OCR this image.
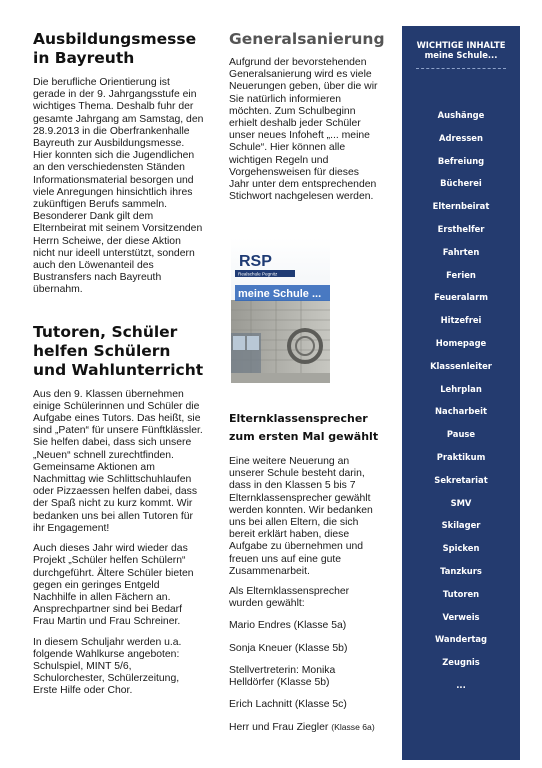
Ausbildungsmesse in Bayreuth

Die berufliche Orientierung ist gerade in der 9. Jahrgangsstufe ein wichtiges Thema. Deshalb fuhr der gesamte Jahrgang am Samstag, den 28.9.2013 in die Oberfrankenhalle Bayreuth zur Ausbildungsmesse. Hier konnten sich die Jugendlichen an den verschiedensten Ständen Informationsmaterial besorgen und viele Anregungen hinsichtlich ihres zukünftigen Berufs sammeln. Besonderer Dank gilt dem Elternbeirat mit seinem Vorsitzenden Herrn Scheiwe, der diese Aktion nicht nur ideell unterstützt, sondern auch den Löwenanteil des Bustransfers nach Bayreuth übernahm.

Tutoren, Schüler helfen Schülern und Wahlunterricht

Aus den 9. Klassen übernehmen einige Schülerinnen und Schüler die Aufgabe eines Tutors. Das heißt, sie sind „Paten“ für unsere Fünftklässler. Sie helfen dabei, dass sich unsere „Neuen“ schnell zurechtfinden. Gemeinsame Aktionen am Nachmittag wie Schlittschuhlaufen oder Pizzaessen helfen dabei, dass der Spaß nicht zu kurz kommt. Wir bedanken uns bei allen Tutoren für ihr Engagement!

Auch dieses Jahr wird wieder das Projekt „Schüler helfen Schülern“ durchgeführt. Ältere Schüler bieten gegen ein geringes Entgeld Nachhilfe in allen Fächern an. Ansprechpartner sind bei Bedarf Frau Martin und Frau Schreiner.

In diesem Schuljahr werden u.a. folgende Wahlkurse angeboten: Schulspiel, MINT 5/6, Schulorchester, Schülerzeitung, Erste Hilfe oder Chor.

Generalsanierung

Aufgrund der bevorstehenden Generalsanierung wird es viele Neuerungen geben, über die wir Sie natürlich informieren möchten. Zum Schulbeginn erhielt deshalb jeder Schüler unser neues Infoheft „... meine Schule“. Hier können alle wichtigen Regeln und Vorgehensweisen für dieses Jahr unter dem entsprechenden Stichwort nachgelesen werden.

RSP
Realschule Pegnitz
meine Schule ...
Elternklassensprecher zum ersten Mal gewählt

Eine weitere Neuerung an unserer Schule besteht darin, dass in den Klassen 5 bis 7 Elternklassensprecher gewählt werden konnten. Wir bedanken uns bei allen Eltern, die sich bereit erklärt haben, diese Aufgabe zu übernehmen und freuen uns auf eine gute Zusammenarbeit.

Als Elternklassensprecher wurden gewählt:

Mario Endres (Klasse 5a)

Sonja Kneuer (Klasse 5b)

Stellvertreterin: Monika Helldörfer (Klasse 5b)

Erich Lachnitt (Klasse 5c)

Herr und Frau Ziegler (Klasse 6a)

WICHTIGE INHALTE meine Schule...
Aushänge
Adressen
Befreiung
Bücherei
Elternbeirat
Ersthelfer
Fahrten
Ferien
Feueralarm
Hitzefrei
Homepage
Klassenleiter
Lehrplan
Nacharbeit
Pause
Praktikum
Sekretariat
SMV
Skilager
Spicken
Tanzkurs
Tutoren
Verweis
Wandertag
Zeugnis
...
